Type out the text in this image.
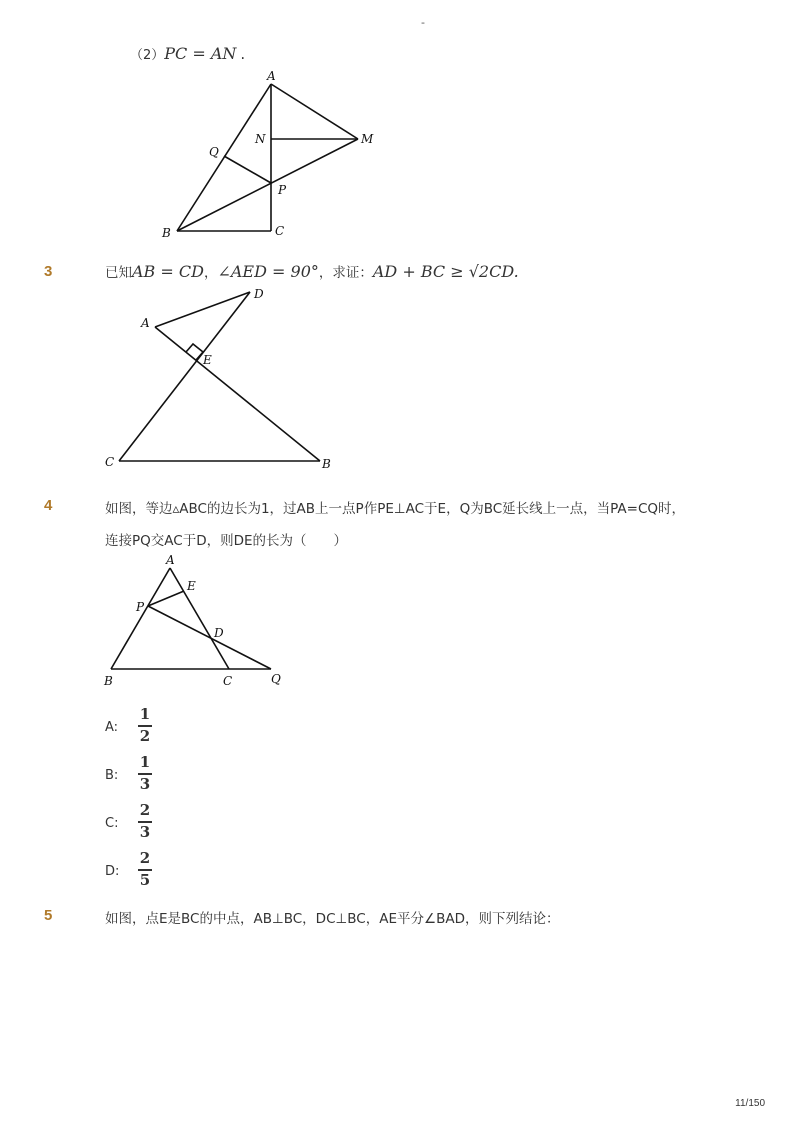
-
（2）PC = AN .
A
N	M
Q
P
B	C
3	已知AB = CD，∠AED = 90°，求证：AD + BC ≥ √2CD.
A
D
E
C	B
4	如图，等边▵ABC的边长为1，过AB上一点P作PE⊥AC于E，Q为BC延长线上一点，当PA=CQ时，
连接PQ交AC于D，则DE的长为（　　）
A
E
P
D
B	C	Q
A:
1
2
B:
1
3
C:
2
3
D:
2
5
5	如图，点E是BC的中点，AB⊥BC，DC⊥BC，AE平分∠BAD，则下列结论：
11/150
